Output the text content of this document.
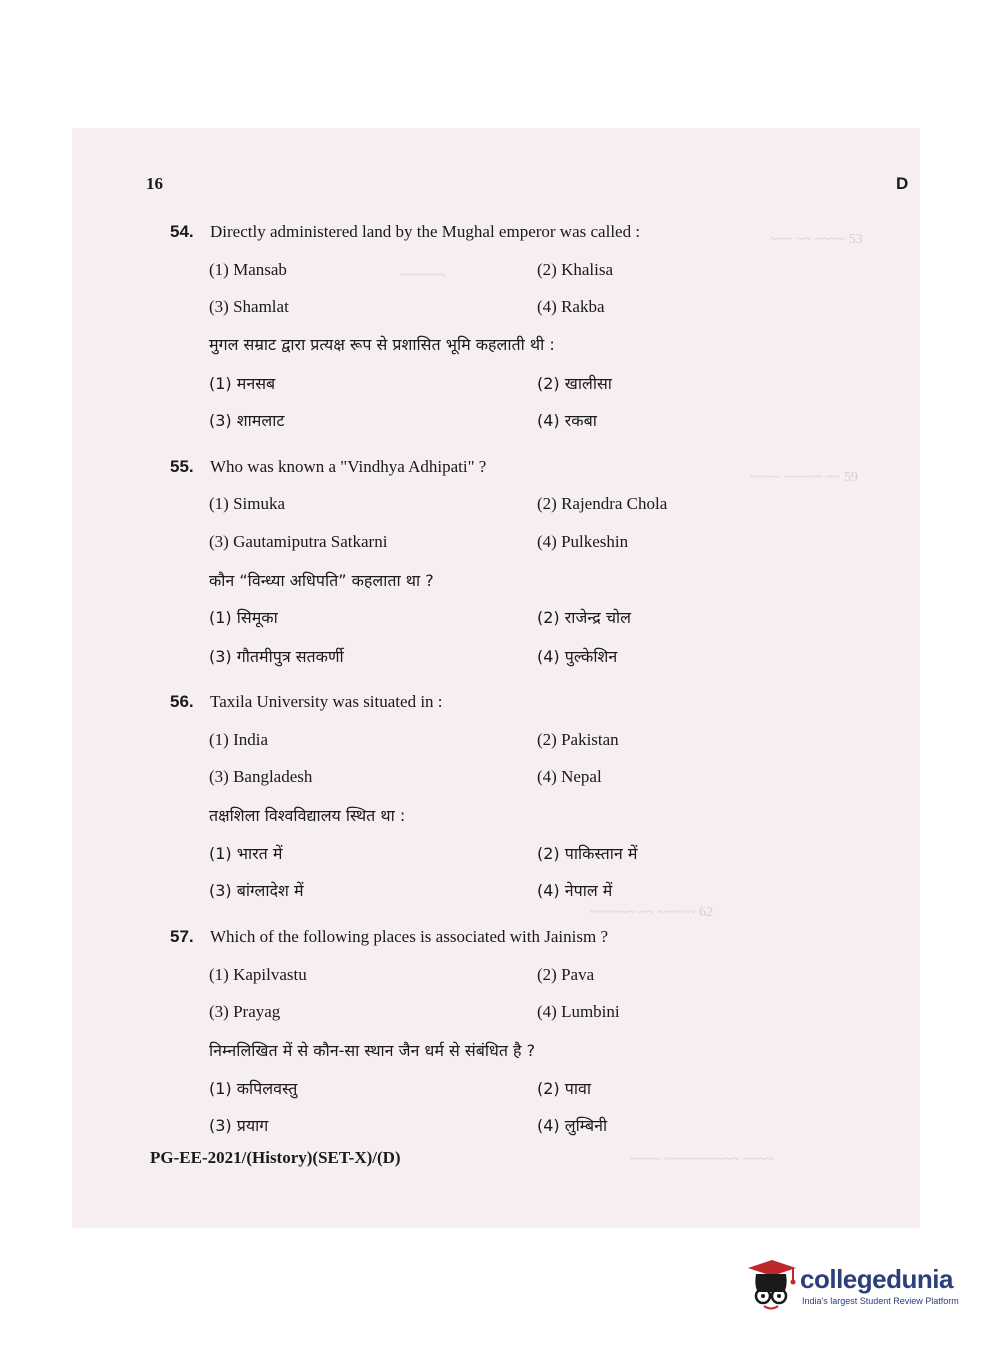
16	D
~~~ ~~ ~~~~ 53
~~~~~~
~~~~ ~~~~~ ~~ 59
~~~~~~ ~~ ~~~~~ 62
54. Directly administered land by the Mughal emperor was called :
(1) Mansab	(2) Khalisa
(3) Shamlat	(4) Rakba
मुगल सम्राट द्वारा प्रत्यक्ष रूप से प्रशासित भूमि कहलाती थी :
(1) मनसब	(2) खालीसा
(3) शामलाट	(4) रकबा
55. Who was known a "Vindhya Adhipati" ?
(1) Simuka	(2) Rajendra Chola
(3) Gautamiputra Satkarni	(4) Pulkeshin
कौन “विन्ध्या अधिपति” कहलाता था ?
(1) सिमूका	(2) राजेन्द्र चोल
(3) गौतमीपुत्र सतकर्णी	(4) पुल्केशिन
56. Taxila University was situated in :
(1) India	(2) Pakistan
(3) Bangladesh	(4) Nepal
तक्षशिला विश्वविद्यालय स्थित था :
(1) भारत में	(2) पाकिस्तान में
(3) बांग्लादेश में	(4) नेपाल में
57. Which of the following places is associated with Jainism ?
(1) Kapilvastu	(2) Pava
(3) Prayag	(4) Lumbini
निम्नलिखित में से कौन-सा स्थान जैन धर्म से संबंधित है ?
(1) कपिलवस्तु	(2) पावा
(3) प्रयाग	(4) लुम्बिनी
PG-EE-2021/(History)(SET-X)/(D)	~~~~ ~~~~~~~~~~ ~~~~
collegedunia
India's largest Student Review Platform
